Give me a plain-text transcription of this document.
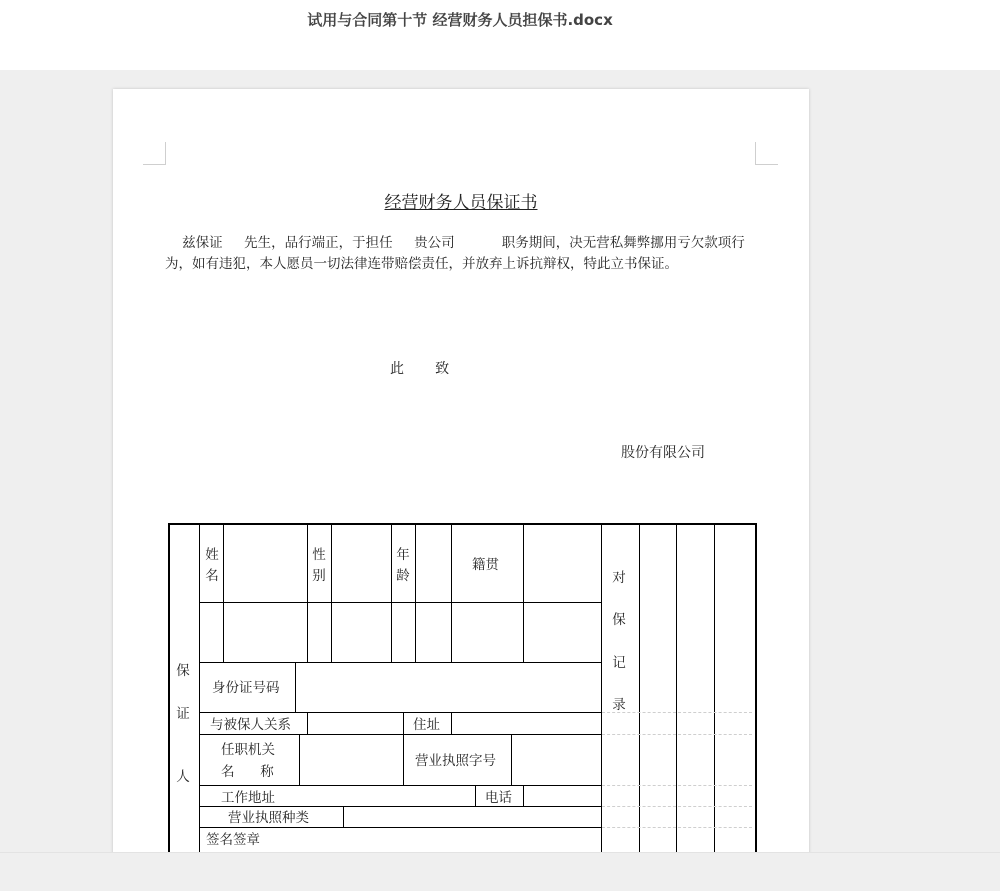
试用与合同第十节 经营财务人员担保书.docx
经营财务人员保证书
兹保证     先生，品行端正，于担任     贵公司           职务期间，决无营私舞弊挪用亏欠款项行
为，如有违犯，本人愿员一切法律连带赔偿责任，并放弃上诉抗辩权，特此立书保证。
此       致
股份有限公司
保
证
人
对
保
记
录
姓
名
性
别
年
龄
籍贯
身份证号码
与被保人关系	住址
任职机关
名      称
营业执照字号
工作地址	电话
营业执照种类
签名签章
